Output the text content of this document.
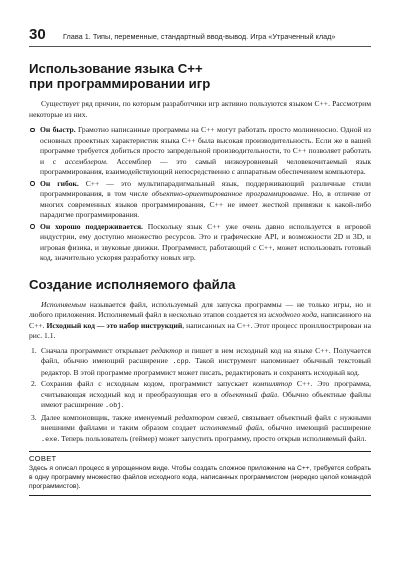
30	Глава 1. Типы, переменные, стандартный ввод-вывод. Игра «Утраченный клад»
Использование языка С++
при программировании игр

Существует ряд причин, по которым разработчики игр активно пользуются языком С++. Рассмотрим некоторые из них.

Он быстр. Грамотно написанные программы на С++ могут работать просто молниеносно. Одной из основных проектных характеристик языка С++ была высокая производительность. Если же в вашей программе требуется добиться просто запредельной производительности, то С++ позволяет работать и с ассемблером. Ассемблер — это самый низкоуровневый человекочитаемый язык программирования, взаимодействующий непосредственно с аппаратным обеспечением компьютера.
Он гибок. С++ — это мультипарадигмальный язык, поддерживающий различные стили программирования, в том числе объектно-ориентированное программирование. Но, в отличие от многих современных языков программирования, С++ не имеет жесткой привязки к какой-либо парадигме программирования.
Он хорошо поддерживается. Поскольку язык С++ уже очень давно используется в игровой индустрии, ему доступно множество ресурсов. Это и графические API, и возможности 2D и 3D, и игровая физика, и звуковые движки. Программист, работающий с С++, может использовать готовый код, значительно ускоряя разработку новых игр.
Создание исполняемого файла

Исполняемым называется файл, используемый для запуска программы — не только игры, но и любого приложения. Исполняемый файл в несколько этапов создается из исходного кода, написанного на С++. Исходный код — это набор инструкций, написанных на С++. Этот процесс проиллюстрирован на рис. 1.1.

1. Сначала программист открывает редактор и пишет в нем исходный код на языке С++. Получается файл, обычно имеющий расширение .cpp. Такой инструмент напоминает обычный текстовый редактор. В этой программе программист может писать, редактировать и сохранять исходный код.
2. Сохранив файл с исходным кодом, программист запускает компилятор С++. Это программа, считывающая исходный код и преобразующая его в объектный файл. Обычно объектные файлы имеют расширение .obj.
3. Далее компоновщик, также именуемый редактором связей, связывает объектный файл с нужными внешними файлами и таким образом создает исполняемый файл, обычно имеющий расширение .exe. Теперь пользователь (геймер) может запустить программу, просто открыв исполняемый файл.
СОВЕТ
Здесь я описал процесс в упрощенном виде. Чтобы создать сложное приложение на С++, требуется собрать в одну программу множество файлов исходного кода, написанных программистом (нередко целой командой программистов).
